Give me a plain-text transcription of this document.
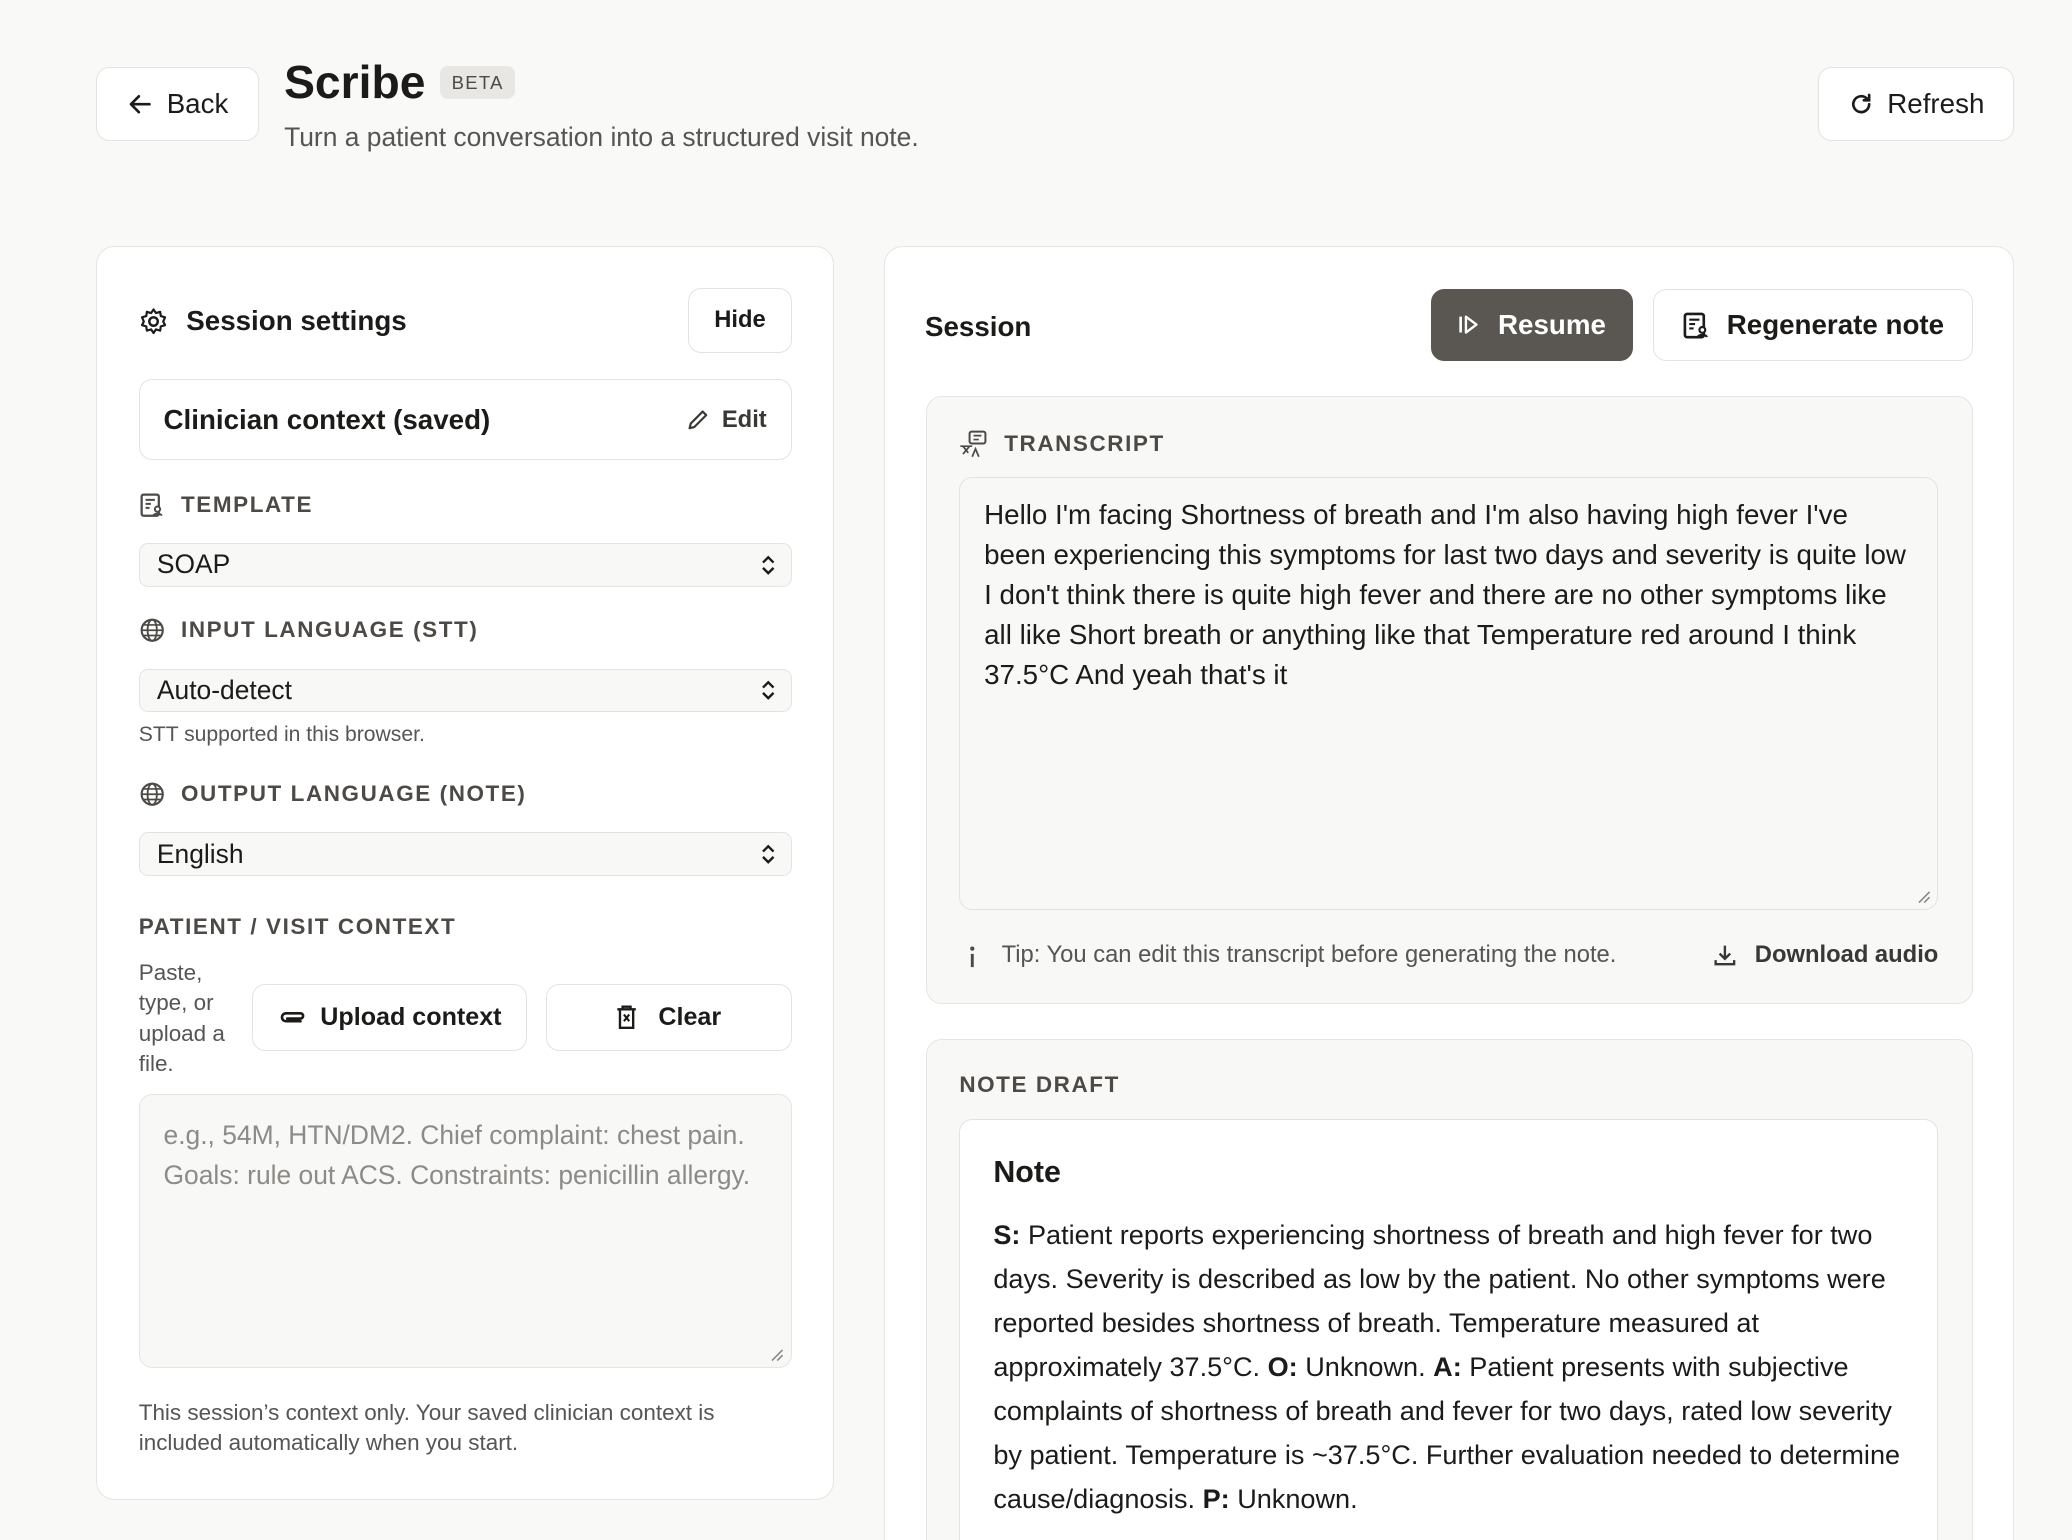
Back Scribe	BETA
Turn a patient conversation into a structured visit note.
Refresh
Session settings	Hide
Clinician context (saved)	Edit
TEMPLATE
SOAP
INPUT LANGUAGE (STT)
Auto-detect
STT supported in this browser.
OUTPUT LANGUAGE (NOTE)
English
PATIENT / VISIT CONTEXT
Paste, type, or upload a file.
Upload context	Clear
e.g., 54M, HTN/DM2. Chief complaint: chest pain. Goals: rule out ACS. Constraints: penicillin allergy.
This session’s context only. Your saved clinician context is included automatically when you start.
Session	Resume	Regenerate note
TRANSCRIPT
Hello I'm facing Shortness of breath and I'm also having high fever I've been experiencing this symptoms for last two days and severity is quite low I don't think there is quite high fever and there are no other symptoms like all like Short breath or anything like that Temperature red around I think 37.5°C And yeah that's it
Tip: You can edit this transcript before generating the note.	Download audio
NOTE DRAFT
Note
S: Patient reports experiencing shortness of breath and high fever for two days. Severity is described as low by the patient. No other symptoms were reported besides shortness of breath. Temperature measured at approximately 37.5°C. O: Unknown. A: Patient presents with subjective complaints of shortness of breath and fever for two days, rated low severity by patient. Temperature is ~37.5°C. Further evaluation needed to determine cause/diagnosis. P: Unknown.
